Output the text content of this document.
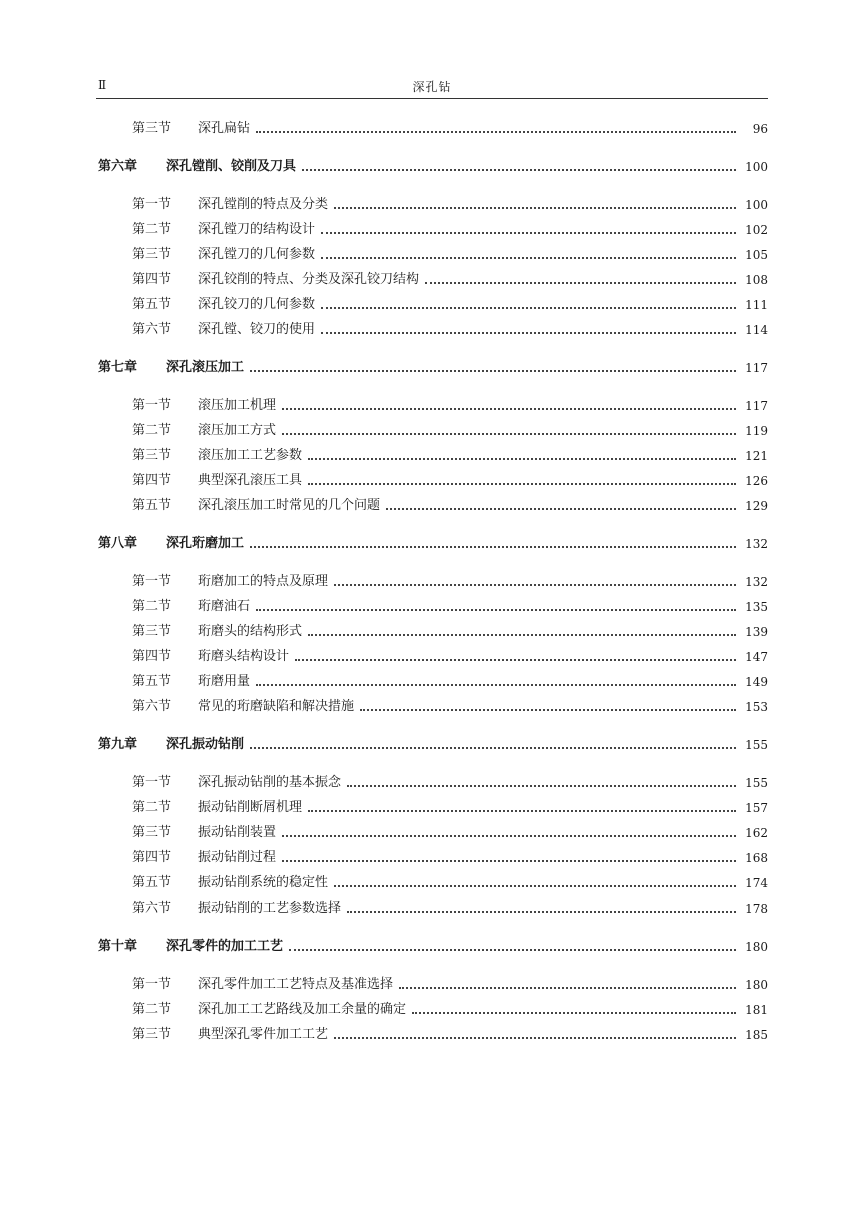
Ⅱ	深孔钻
第三节	深孔扁钻	96
第六章	深孔镗削、铰削及刀具	100
第一节	深孔镗削的特点及分类	100
第二节	深孔镗刀的结构设计	102
第三节	深孔镗刀的几何参数	105
第四节	深孔铰削的特点、分类及深孔铰刀结构	108
第五节	深孔铰刀的几何参数	111
第六节	深孔镗、铰刀的使用	114
第七章	深孔滚压加工	117
第一节	滚压加工机理	117
第二节	滚压加工方式	119
第三节	滚压加工工艺参数	121
第四节	典型深孔滚压工具	126
第五节	深孔滚压加工时常见的几个问题	129
第八章	深孔珩磨加工	132
第一节	珩磨加工的特点及原理	132
第二节	珩磨油石	135
第三节	珩磨头的结构形式	139
第四节	珩磨头结构设计	147
第五节	珩磨用量	149
第六节	常见的珩磨缺陷和解决措施	153
第九章	深孔振动钻削	155
第一节	深孔振动钻削的基本振念	155
第二节	振动钻削断屑机理	157
第三节	振动钻削装置	162
第四节	振动钻削过程	168
第五节	振动钻削系统的稳定性	174
第六节	振动钻削的工艺参数选择	178
第十章	深孔零件的加工工艺	180
第一节	深孔零件加工工艺特点及基准选择	180
第二节	深孔加工工艺路线及加工余量的确定	181
第三节	典型深孔零件加工工艺	185
